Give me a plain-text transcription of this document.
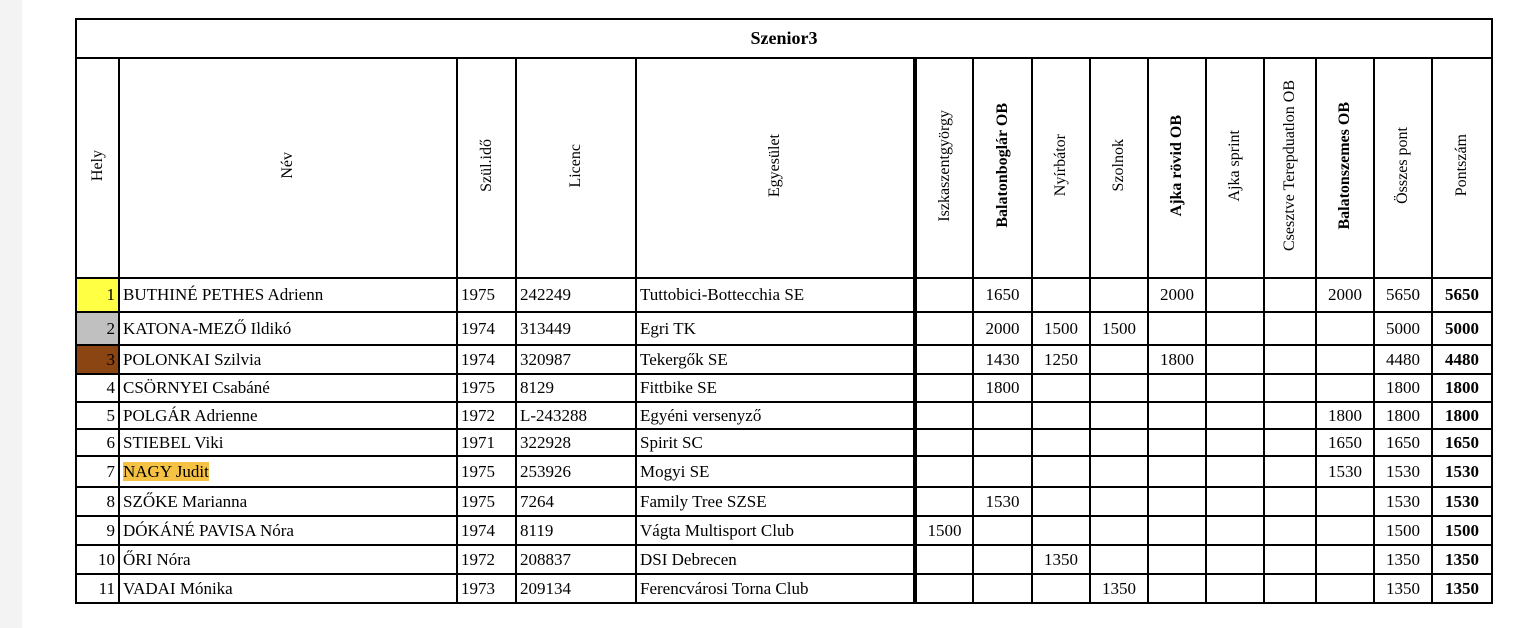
Szenior3														
Hely	Név	Szül.idő	Licenc	Egyesület	Iszkaszentgyörgy	Balatonboglár OB	Nyírbátor	Szolnok	Ajka rövid OB	Ajka sprint	Csesztve Terepduatlon OB	Balatonszemes OB	Összes pont	Pontszám
1	BUTHINÉ PETHES Adrienn	1975	242249	Tuttobici-Bottecchia SE		1650			2000			2000	5650	5650
2	KATONA-MEZŐ Ildikó	1974	313449	Egri TK		2000	1500	1500					5000	5000
3	POLONKAI Szilvia	1974	320987	Tekergők SE		1430	1250		1800				4480	4480
4	CSÖRNYEI Csabáné	1975	8129	Fittbike SE		1800							1800	1800
5	POLGÁR Adrienne	1972	L-243288	Egyéni versenyző								1800	1800	1800
6	STIEBEL Viki	1971	322928	Spirit SC								1650	1650	1650
7	NAGY Judit	1975	253926	Mogyi SE								1530	1530	1530
8	SZŐKE Marianna	1975	7264	Family Tree SZSE		1530							1530	1530
9	DÓKÁNÉ PAVISA Nóra	1974	8119	Vágta Multisport Club	1500								1500	1500
10	ŐRI Nóra	1972	208837	DSI Debrecen			1350						1350	1350
11	VADAI Mónika	1973	209134	Ferencvárosi Torna Club				1350					1350	1350
